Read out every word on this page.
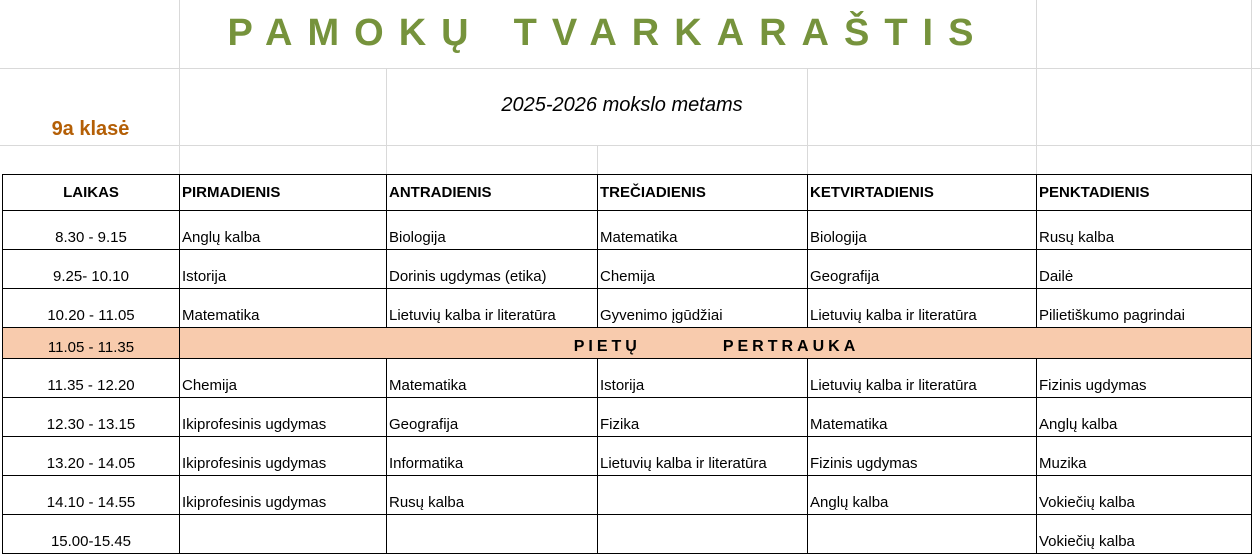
PAMOKŲ TVARKARAŠTIS
2025-2026 mokslo metams
9a klasė
LAIKAS	PIRMADIENIS	ANTRADIENIS	TREČIADIENIS	KETVIRTADIENIS	PENKTADIENIS
8.30 - 9.15	Anglų kalba	Biologija	Matematika	Biologija	Rusų kalba
9.25- 10.10	Istorija	Dorinis ugdymas (etika)	Chemija	Geografija	Dailė
10.20 - 11.05	Matematika	Lietuvių kalba ir literatūra	Gyvenimo įgūdžiai	Lietuvių kalba ir literatūra	Pilietiškumo pagrindai
11.05 - 11.35	PIETŲ PERTRAUKA				
11.35 - 12.20	Chemija	Matematika	Istorija	Lietuvių kalba ir literatūra	Fizinis ugdymas
12.30 - 13.15	Ikiprofesinis ugdymas	Geografija	Fizika	Matematika	Anglų kalba
13.20 - 14.05	Ikiprofesinis ugdymas	Informatika	Lietuvių kalba ir literatūra	Fizinis ugdymas	Muzika
14.10 - 14.55	Ikiprofesinis ugdymas	Rusų kalba		Anglų kalba	Vokiečių kalba
15.00-15.45					Vokiečių kalba
